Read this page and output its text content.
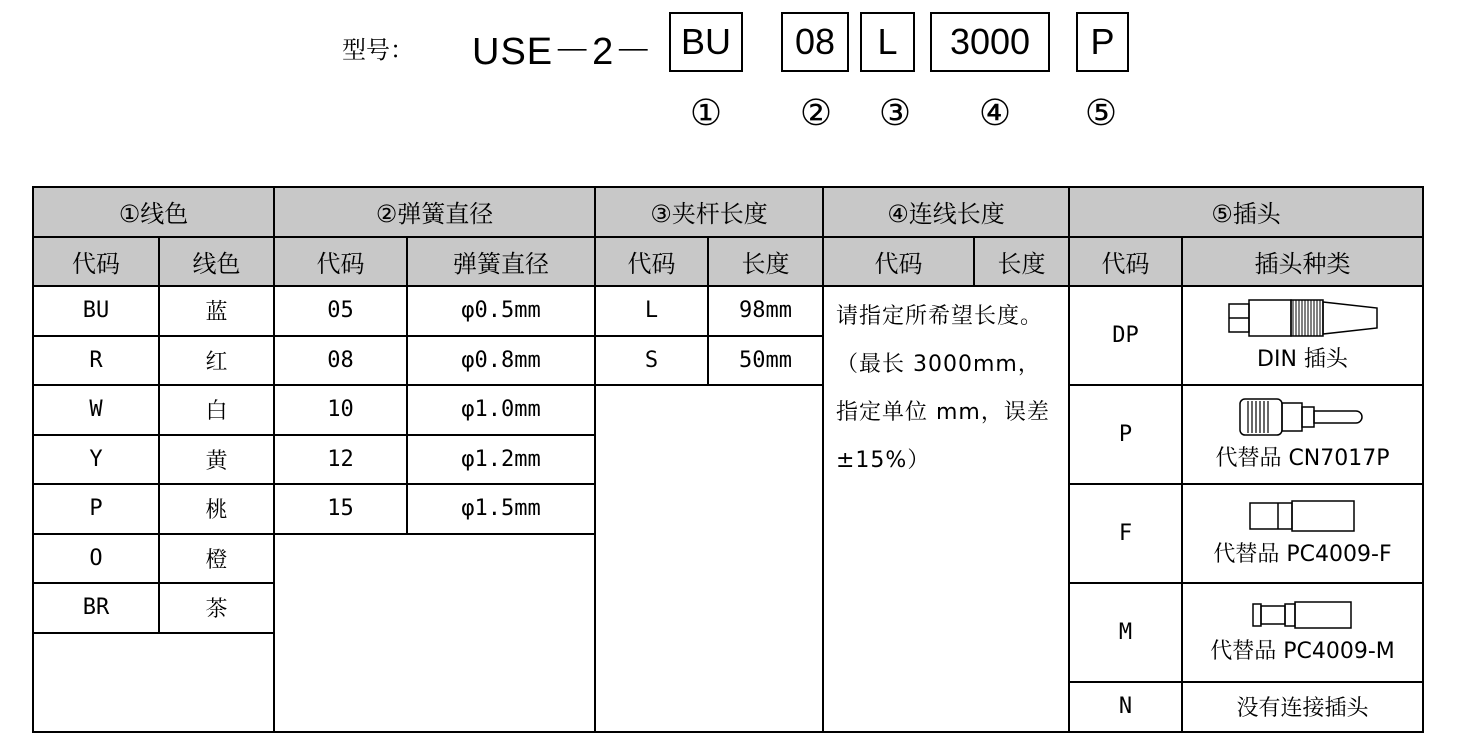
型号： USE－2－ BU	08	L	3000	P
① ② ③ ④ ⑤
①线色		②弹簧直径		③夹杆长度		④连线长度		⑤插头	
代码	线色	代码	弹簧直径	代码	长度	代码	长度	代码	插头种类
BU	蓝	05	φ0.5mm	L	98mm	请指定所希望长度。（最长 3000mm，指定单位 mm，误差±15%）		DP	DIN 插头

R	红	08	φ0.8mm	S	50mm				
W	白	10	φ1.0mm					P	代替品 CN7017P

Y	黄	12	φ1.2mm						
P	桃	15	φ1.5mm					F	代替品 PC4009-F

O	橙								
BR	茶							M	代替品 PC4009-M

								N	没有连接插头
